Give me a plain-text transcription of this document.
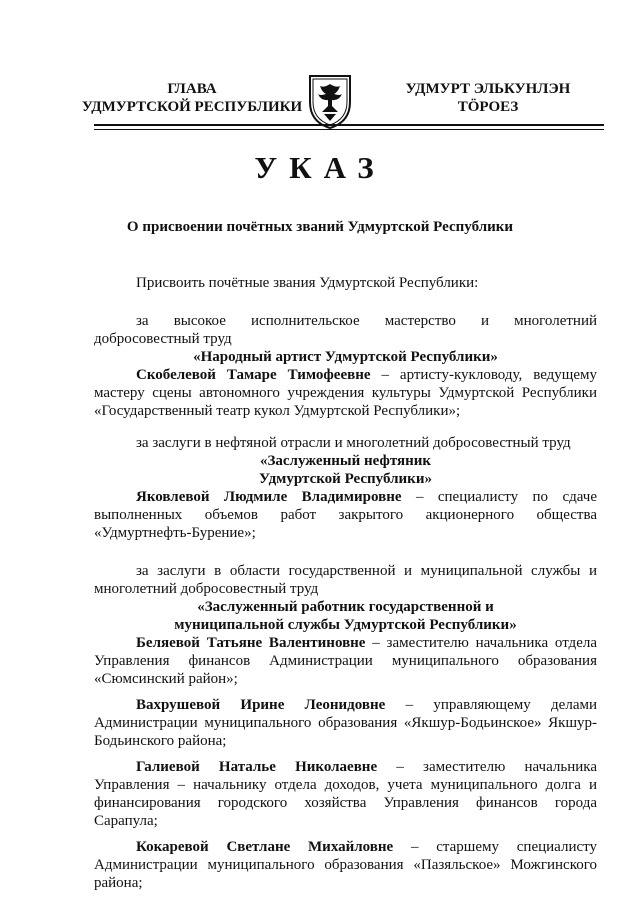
ГЛАВА
УДМУРТСКОЙ РЕСПУБЛИКИ
УДМУРТ ЭЛЬКУНЛЭН
ТӦРОЕЗ
УКАЗ
О присвоении почётных званий Удмуртской Республики

Присвоить почётные звания Удмуртской Республики:

за высокое исполнительское мастерство и многолетний добросовестный труд

«Народный артист Удмуртской Республики»

Скобелевой Тамаре Тимофеевне – артисту-кукловоду, ведущему мастеру сцены автономного учреждения культуры Удмуртской Республики «Государственный театр кукол Удмуртской Республики»;

за заслуги в нефтяной отрасли и многолетний добросовестный труд

«Заслуженный нефтяник

Удмуртской Республики»

Яковлевой Людмиле Владимировне – специалисту по сдаче выполненных объемов работ закрытого акционерного общества «Удмуртнефть-Бурение»;

за заслуги в области государственной и муниципальной службы и многолетний добросовестный труд

«Заслуженный работник государственной и

муниципальной службы Удмуртской Республики»

Беляевой Татьяне Валентиновне – заместителю начальника отдела Управления финансов Администрации муниципального образования «Сюмсинский район»;

Вахрушевой Ирине Леонидовне – управляющему делами Администрации муниципального образования «Якшур-Бодьинское» Якшур-Бодьинского района;

Галиевой Наталье Николаевне – заместителю начальника Управления – начальнику отдела доходов, учета муниципального долга и финансирования городского хозяйства Управления финансов города Сарапула;

Кокаревой Светлане Михайловне – старшему специалисту Администрации муниципального образования «Пазяльское» Можгинского района;
